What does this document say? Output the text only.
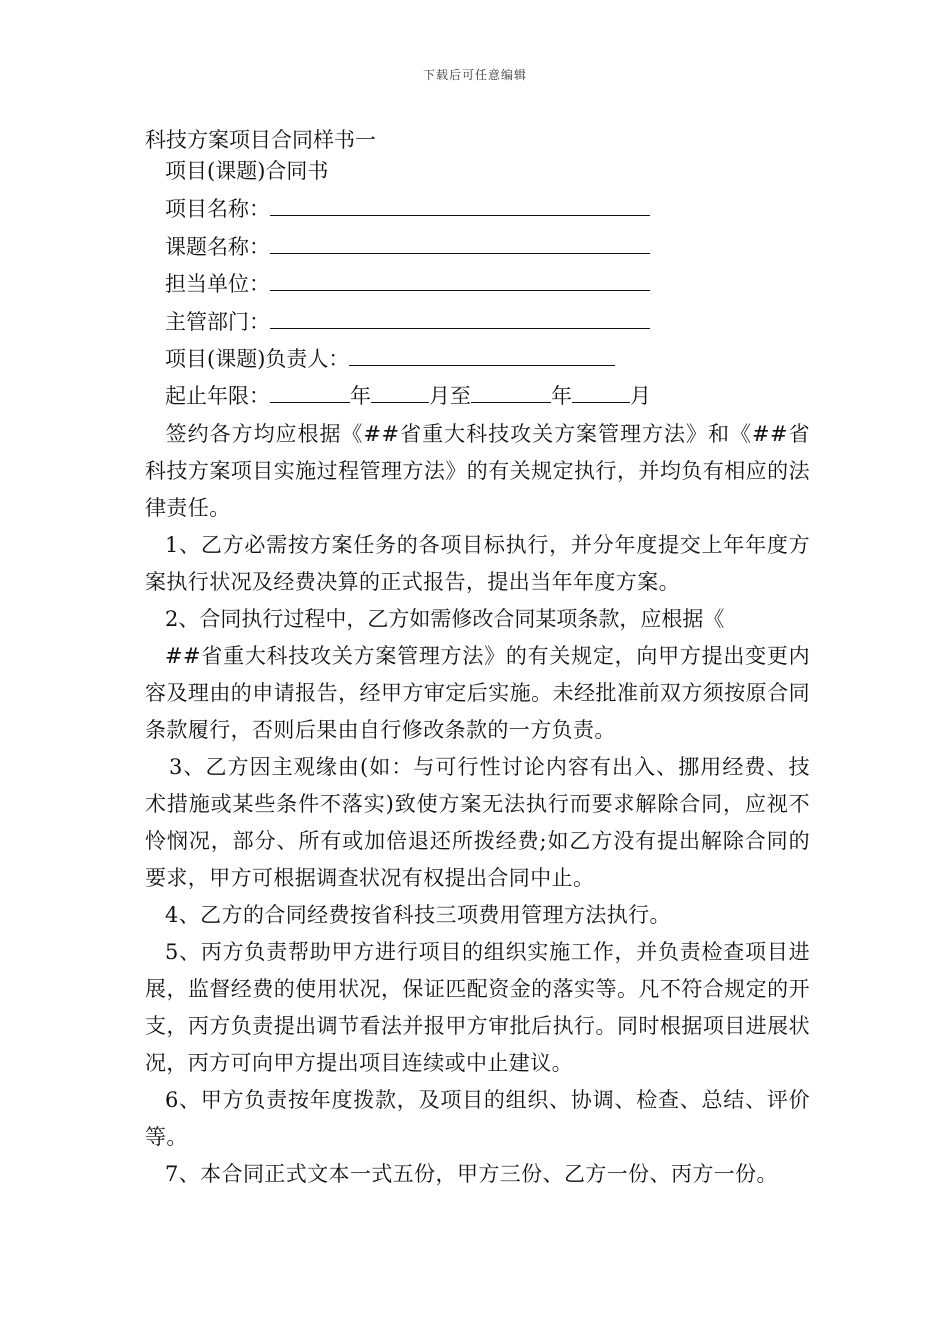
下载后可任意编辑
科技方案项目合同样书一
项目(课题)合同书
项目名称：
课题名称：
担当单位：
主管部门：
项目(课题)负责人：
起止年限：	年	月至	年	月
签约各方均应根据《##省重大科技攻关方案管理方法》和《##省科技方案项目实施过程管理方法》的有关规定执行，并均负有相应的法律责任。
1、乙方必需按方案任务的各项目标执行，并分年度提交上年年度方案执行状况及经费决算的正式报告，提出当年年度方案。
2、合同执行过程中，乙方如需修改合同某项条款，应根据《
##省重大科技攻关方案管理方法》的有关规定，向甲方提出变更内容及理由的申请报告，经甲方审定后实施。未经批准前双方须按原合同条款履行，否则后果由自行修改条款的一方负责。
3、乙方因主观缘由(如：与可行性讨论内容有出入、挪用经费、技术措施或某些条件不落实)致使方案无法执行而要求解除合同，应视不怜悯况，部分、所有或加倍退还所拨经费;如乙方没有提出解除合同的要求，甲方可根据调查状况有权提出合同中止。
4、乙方的合同经费按省科技三项费用管理方法执行。
5、丙方负责帮助甲方进行项目的组织实施工作，并负责检查项目进展，监督经费的使用状况，保证匹配资金的落实等。凡不符合规定的开支，丙方负责提出调节看法并报甲方审批后执行。同时根据项目进展状况，丙方可向甲方提出项目连续或中止建议。
6、甲方负责按年度拨款，及项目的组织、协调、检查、总结、评价等。
7、本合同正式文本一式五份，甲方三份、乙方一份、丙方一份。
